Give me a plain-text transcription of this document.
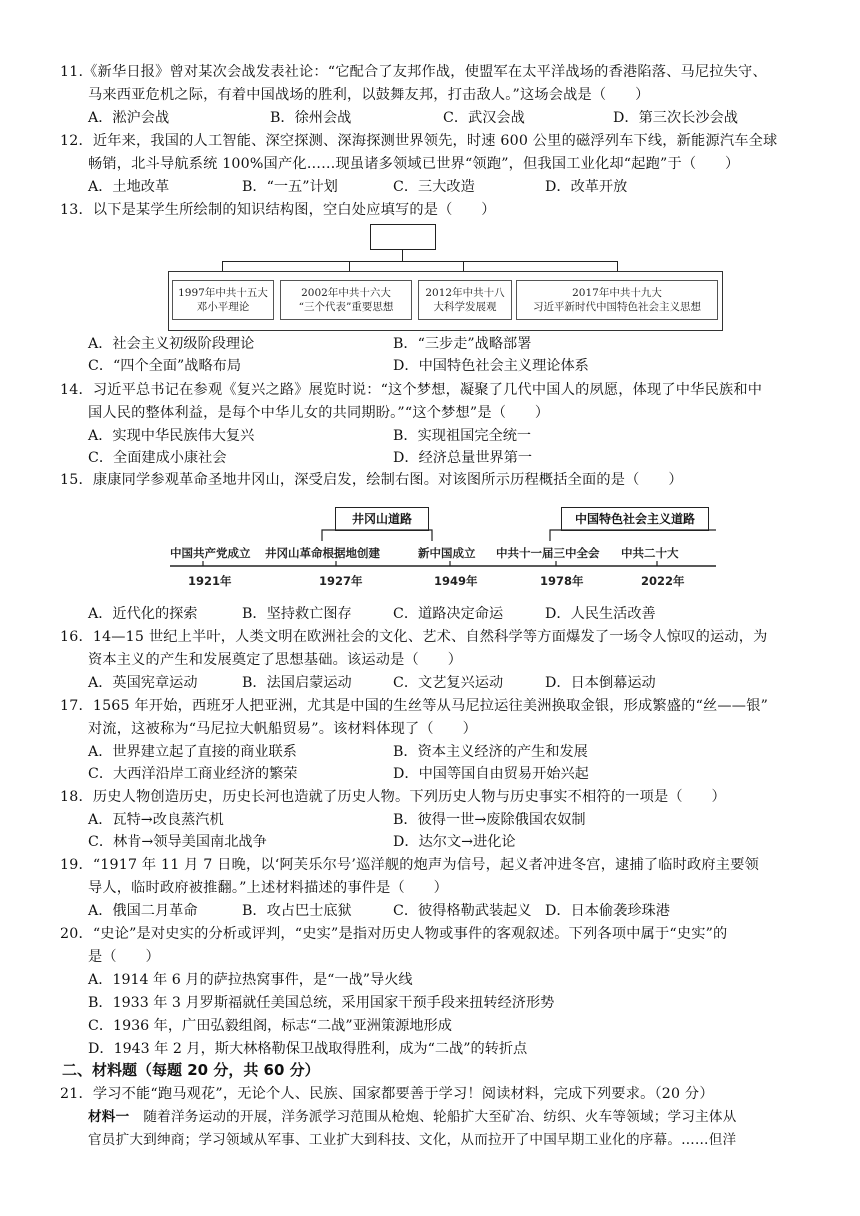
11.《新华日报》曾对某次会战发表社论：“它配合了友邦作战，使盟军在太平洋战场的香港陷落、马尼拉失守、
马来西亚危机之际，有着中国战场的胜利，以鼓舞友邦，打击敌人。”这场会战是（　　）
A．淞沪会战	B．徐州会战	C．武汉会战	D．第三次长沙会战
12．近年来，我国的人工智能、深空探测、深海探测世界领先，时速 600 公里的磁浮列车下线，新能源汽车全球
畅销，北斗导航系统 100%国产化……现虽诸多领域已世界“领跑”，但我国工业化却“起跑”于（　　）
A．土地改革	B．“一五”计划	C．三大改造	D．改革开放
13．以下是某学生所绘制的知识结构图，空白处应填写的是（　　）
1997年中共十五大
邓小平理论
2002年中共十六大
“三个代表”重要思想
2012年中共十八
大科学发展观
2017年中共十九大
习近平新时代中国特色社会主义思想
A．社会主义初级阶段理论	B．“三步走”战略部署
C．“四个全面”战略布局	D．中国特色社会主义理论体系
14．习近平总书记在参观《复兴之路》展览时说：“这个梦想，凝聚了几代中国人的夙愿，体现了中华民族和中
国人民的整体利益，是每个中华儿女的共同期盼。”“这个梦想”是（　　）
A．实现中华民族伟大复兴	B．实现祖国完全统一
C．全面建成小康社会	D．经济总量世界第一
15．康康同学参观革命圣地井冈山，深受启发，绘制右图。对该图所示历程概括全面的是（　　）
井冈山道路	中国特色社会主义道路
中国共产党成立 井冈山革命根据地创建	新中国成立 中共十一届三中全会 中共二十大
1921年	1927年	1949年	1978年	2022年
A．近代化的探索	B．坚持救亡图存	C．道路决定命运	D．人民生活改善
16．14—15 世纪上半叶，人类文明在欧洲社会的文化、艺术、自然科学等方面爆发了一场令人惊叹的运动，为
资本主义的产生和发展奠定了思想基础。该运动是（　　）
A．英国宪章运动	B．法国启蒙运动	C．文艺复兴运动	D．日本倒幕运动
17．1565 年开始，西班牙人把亚洲，尤其是中国的生丝等从马尼拉运往美洲换取金银，形成繁盛的“丝——银”
对流，这被称为“马尼拉大帆船贸易”。该材料体现了（　　）
A．世界建立起了直接的商业联系	B．资本主义经济的产生和发展
C．大西洋沿岸工商业经济的繁荣	D．中国等国自由贸易开始兴起
18．历史人物创造历史，历史长河也造就了历史人物。下列历史人物与历史事实不相符的一项是（　　）
A．瓦特→改良蒸汽机	B．彼得一世→废除俄国农奴制
C．林肯→领导美国南北战争	D．达尔文→进化论
19．“1917 年 11 月 7 日晚，以‘阿芙乐尔号’巡洋舰的炮声为信号，起义者冲进冬宫，逮捕了临时政府主要领
导人，临时政府被推翻。”上述材料描述的事件是（　　）
A．俄国二月革命	B．攻占巴士底狱	C．彼得格勒武装起义 D．日本偷袭珍珠港
20．“史论”是对史实的分析或评判，“史实”是指对历史人物或事件的客观叙述。下列各项中属于“史实”的
是（　　）
A．1914 年 6 月的萨拉热窝事件，是“一战”导火线
B．1933 年 3 月罗斯福就任美国总统，采用国家干预手段来扭转经济形势
C．1936 年，广田弘毅组阁，标志“二战”亚洲策源地形成
D．1943 年 2 月，斯大林格勒保卫战取得胜利，成为“二战”的转折点
二、材料题（每题 20 分，共 60 分）
21．学习不能“跑马观花”，无论个人、民族、国家都要善于学习！阅读材料，完成下列要求。（20 分）
材料一 随着洋务运动的开展，洋务派学习范围从枪炮、轮船扩大至矿冶、纺织、火车等领域；学习主体从
官员扩大到绅商；学习领域从军事、工业扩大到科技、文化，从而拉开了中国早期工业化的序幕。……但洋
